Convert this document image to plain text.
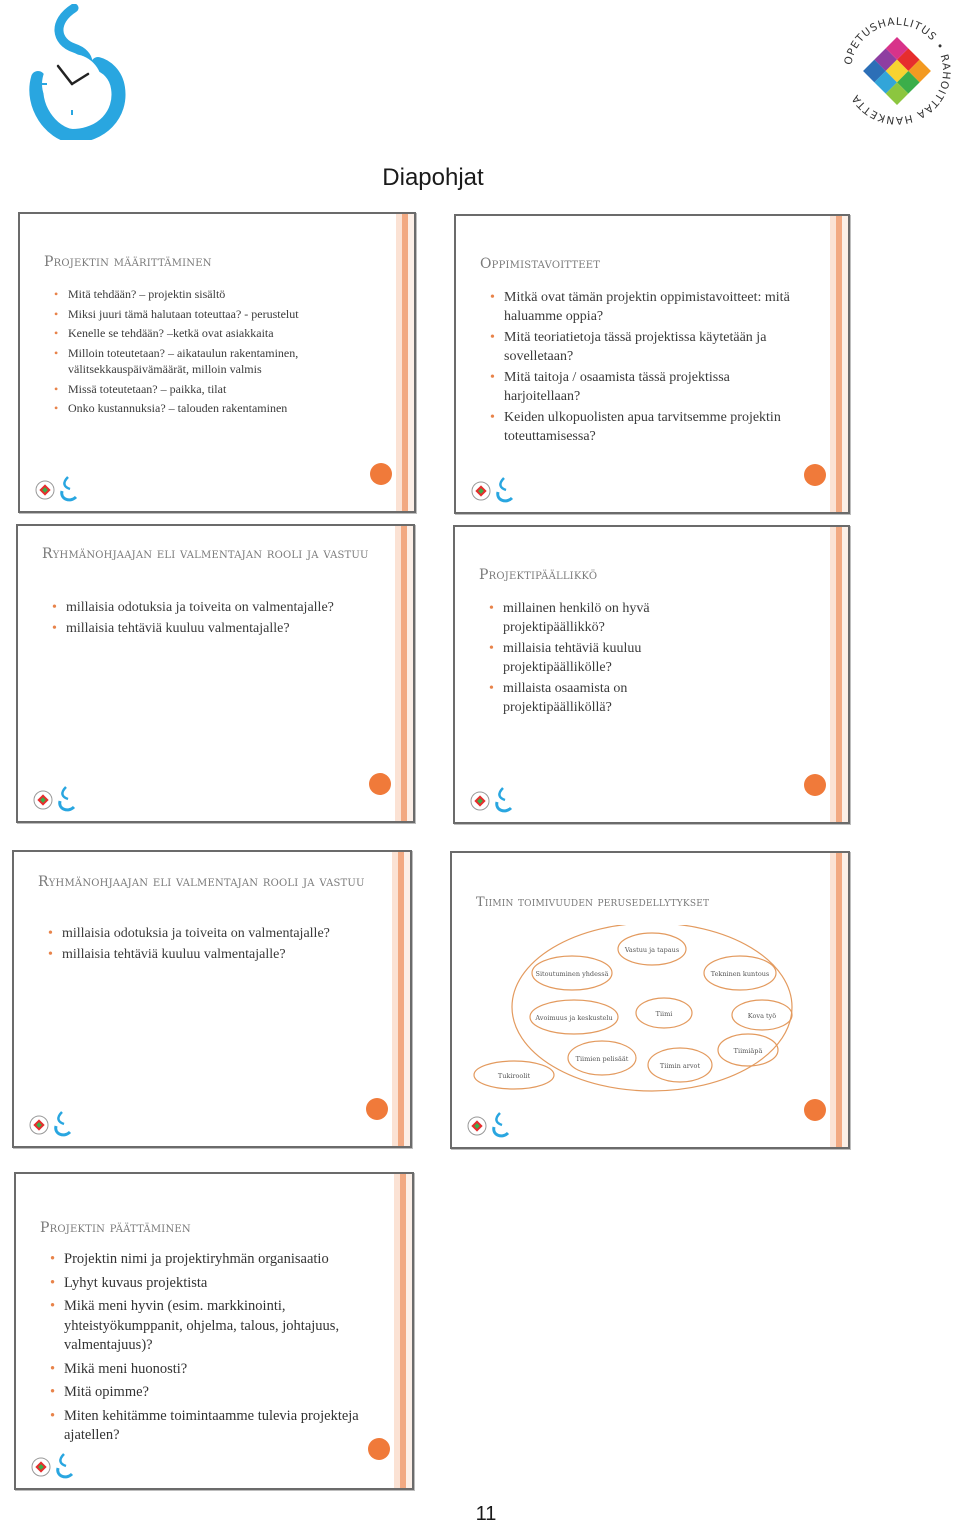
OPETUSHALLITUS • RAHOITTAA HANKETTA
Diapohjat
Projektin määrittäminen
• Mitä tehdään? – projektin sisältö
• Miksi juuri tämä halutaan toteuttaa? - perustelut
• Kenelle se tehdään? –ketkä ovat asiakkaita
• Milloin toteutetaan? – aikataulun rakentaminen, välitsekkauspäivämäärät, milloin valmis
• Missä toteutetaan? – paikka, tilat
• Onko kustannuksia? – talouden rakentaminen
Oppimistavoitteet
• Mitkä ovat tämän projektin oppimistavoitteet: mitä haluamme oppia?
• Mitä teoriatietoja tässä projektissa käytetään ja sovelletaan?
• Mitä taitoja / osaamista tässä projektissa harjoitellaan?
• Keiden ulkopuolisten apua tarvitsemme projektin toteuttamisessa?
Ryhmänohjaajan eli valmentajan rooli ja vastuu
• millaisia odotuksia ja toiveita on valmentajalle?
• millaisia tehtäviä kuuluu valmentajalle?
Projektipäällikkö
• millainen henkilö on hyvä projektipäällikkö?
• millaisia tehtäviä kuuluu projektipäällikölle?
• millaista osaamista on projektipäälliköllä?
Ryhmänohjaajan eli valmentajan rooli ja vastuu
• millaisia odotuksia ja toiveita on valmentajalle?
• millaisia tehtäviä kuuluu valmentajalle?
Tiimin toimivuuden perusedellytykset
Tiimi
Vastuu ja tapaus
Tekninen kuntous
Kova työ
Tiimiäpä
Tiimin arvot
Tiimien pelisäät
Avoimuus ja keskustelu
Sitoutuminen yhdessä
Tukiroolit
Projektin päättäminen
• Projektin nimi ja projektiryhmän organisaatio
• Lyhyt kuvaus projektista
• Mikä meni hyvin (esim. markkinointi, yhteistyökumppanit, ohjelma, talous, johtajuus, valmentajuus)?
• Mikä meni huonosti?
• Mitä opimme?
• Miten kehitämme toimintaamme tulevia projekteja ajatellen?
11
